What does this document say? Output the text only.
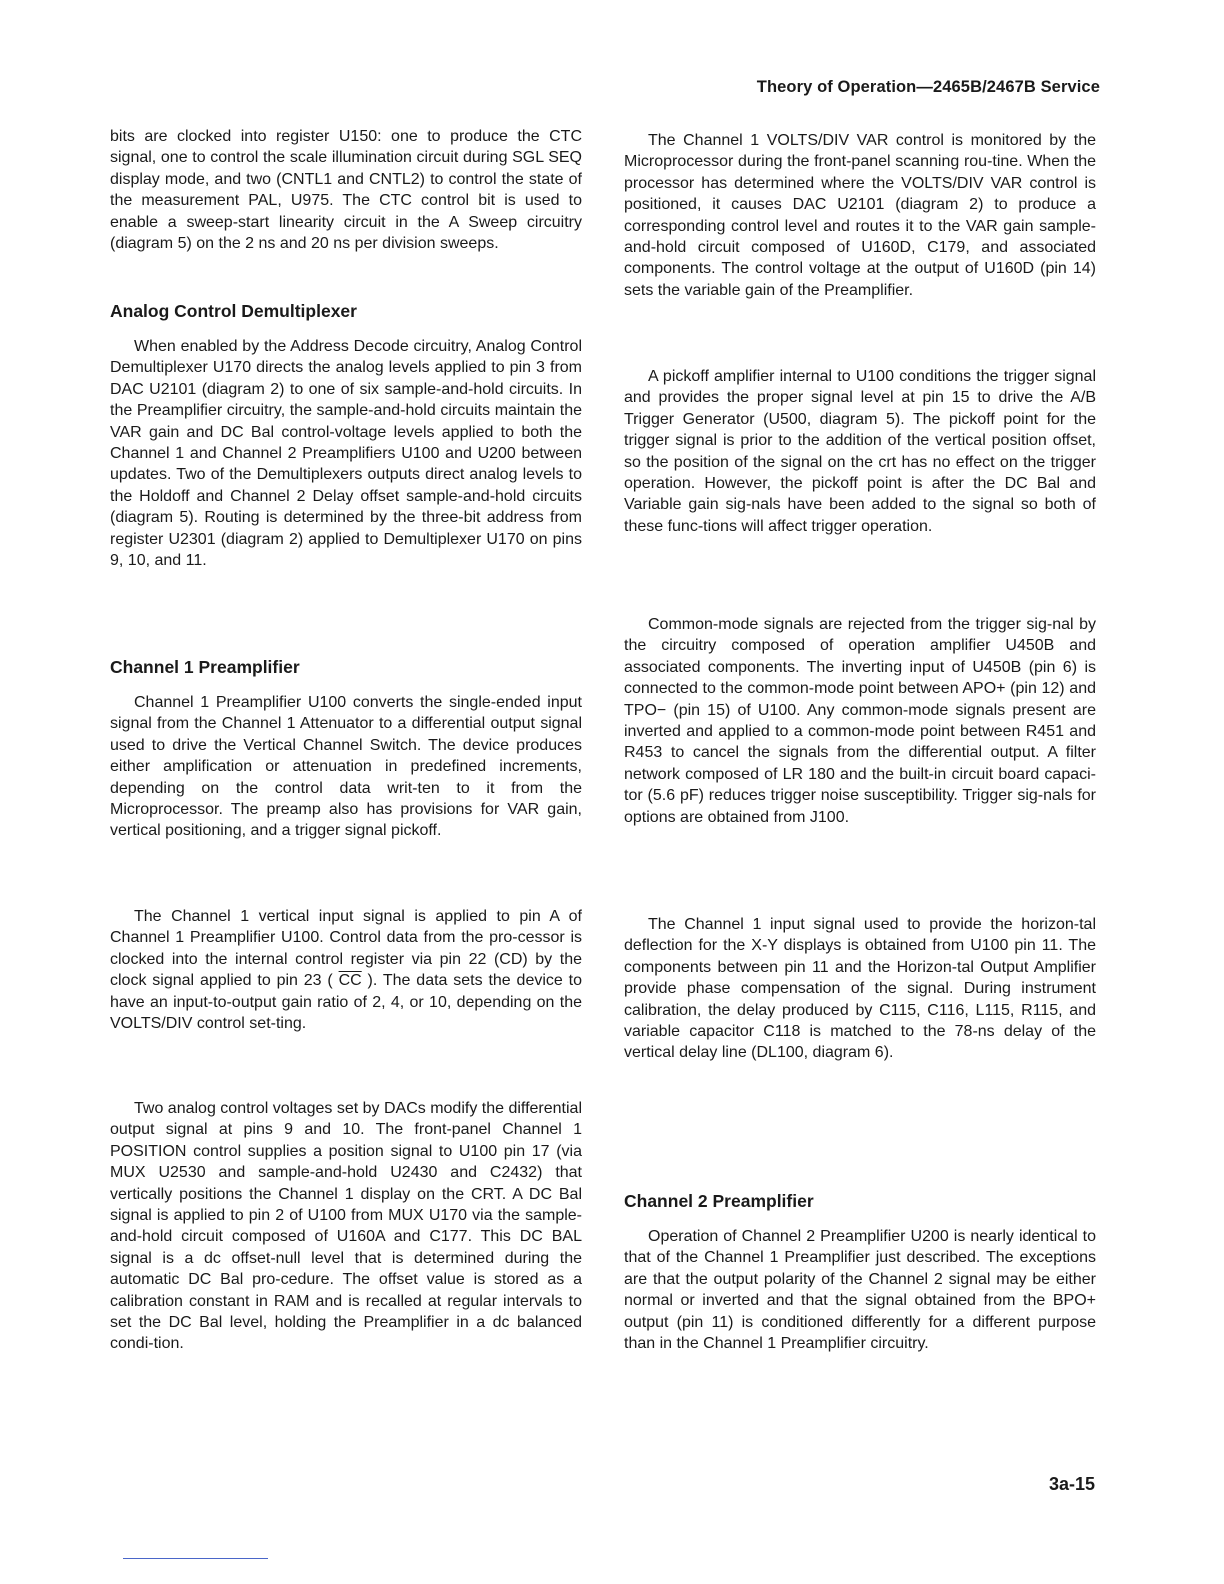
Theory of Operation—2465B/2467B Service

bits are clocked into register U150: one to produce the CTC signal, one to control the scale illumination circuit during SGL SEQ display mode, and two (CNTL1 and CNTL2) to control the state of the measurement PAL, U975. The CTC control bit is used to enable a sweep-start linearity circuit in the A Sweep circuitry (diagram 5) on the 2 ns and 20 ns per division sweeps.

Analog Control Demultiplexer

When enabled by the Address Decode circuitry, Analog Control Demultiplexer U170 directs the analog levels applied to pin 3 from DAC U2101 (diagram 2) to one of six sample-and-hold circuits. In the Preamplifier circuitry, the sample-and-hold circuits maintain the VAR gain and DC Bal control-voltage levels applied to both the Channel 1 and Channel 2 Preamplifiers U100 and U200 between updates. Two of the Demultiplexers outputs direct analog levels to the Holdoff and Channel 2 Delay offset sample-and-hold circuits (diagram 5). Routing is determined by the three-bit address from register U2301 (diagram 2) applied to Demultiplexer U170 on pins 9, 10, and 11.

Channel 1 Preamplifier

Channel 1 Preamplifier U100 converts the single-ended input signal from the Channel 1 Attenuator to a differential output signal used to drive the Vertical Channel Switch. The device produces either amplification or attenuation in predefined increments, depending on the control data writ-ten to it from the Microprocessor. The preamp also has provisions for VAR gain, vertical positioning, and a trigger signal pickoff.

The Channel 1 vertical input signal is applied to pin A of Channel 1 Preamplifier U100. Control data from the pro-cessor is clocked into the internal control register via pin 22 (CD) by the clock signal applied to pin 23 ( $\overline{CC}$ ). The data sets the device to have an input-to-output gain ratio of 2, 4, or 10, depending on the VOLTS/DIV control set-ting.

Two analog control voltages set by DACs modify the differential output signal at pins 9 and 10. The front-panel Channel 1 POSITION control supplies a position signal to U100 pin 17 (via MUX U2530 and sample-and-hold U2430 and C2432) that vertically positions the Channel 1 display on the CRT. A DC Bal signal is applied to pin 2 of U100 from MUX U170 via the sample-and-hold circuit composed of U160A and C177. This DC BAL signal is a dc offset-null level that is determined during the automatic DC Bal pro-cedure. The offset value is stored as a calibration constant in RAM and is recalled at regular intervals to set the DC Bal level, holding the Preamplifier in a dc balanced condi-tion.

The Channel 1 VOLTS/DIV VAR control is monitored by the Microprocessor during the front-panel scanning rou-tine. When the processor has determined where the VOLTS/DIV VAR control is positioned, it causes DAC U2101 (diagram 2) to produce a corresponding control level and routes it to the VAR gain sample-and-hold circuit composed of U160D, C179, and associated components. The control voltage at the output of U160D (pin 14) sets the variable gain of the Preamplifier.

A pickoff amplifier internal to U100 conditions the trigger signal and provides the proper signal level at pin 15 to drive the A/B Trigger Generator (U500, diagram 5). The pickoff point for the trigger signal is prior to the addition of the vertical position offset, so the position of the signal on the crt has no effect on the trigger operation. However, the pickoff point is after the DC Bal and Variable gain sig-nals have been added to the signal so both of these func-tions will affect trigger operation.

Common-mode signals are rejected from the trigger sig-nal by the circuitry composed of operation amplifier U450B and associated components. The inverting input of U450B (pin 6) is connected to the common-mode point between APO+ (pin 12) and TPO− (pin 15) of U100. Any common-mode signals present are inverted and applied to a common-mode point between R451 and R453 to cancel the signals from the differential output. A filter network composed of LR 180 and the built-in circuit board capaci-tor (5.6 pF) reduces trigger noise susceptibility. Trigger sig-nals for options are obtained from J100.

The Channel 1 input signal used to provide the horizon-tal deflection for the X-Y displays is obtained from U100 pin 11. The components between pin 11 and the Horizon-tal Output Amplifier provide phase compensation of the signal. During instrument calibration, the delay produced by C115, C116, L115, R115, and variable capacitor C118 is matched to the 78-ns delay of the vertical delay line (DL100, diagram 6).

Channel 2 Preamplifier

Operation of Channel 2 Preamplifier U200 is nearly identical to that of the Channel 1 Preamplifier just described. The exceptions are that the output polarity of the Channel 2 signal may be either normal or inverted and that the signal obtained from the BPO+ output (pin 11) is conditioned differently for a different purpose than in the Channel 1 Preamplifier circuitry.

3a-15
